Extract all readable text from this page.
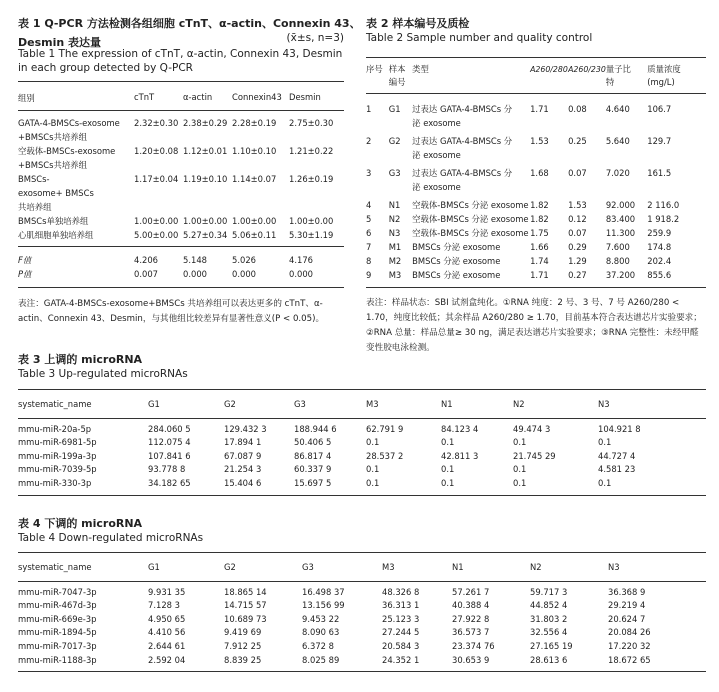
表 1 Q-PCR 方法检测各组细胞 cTnT、α-actin、Connexin 43、
Desmin 表达量	(x̄±s, n=3)
Table 1 The expression of cTnT, α-actin, Connexin 43, Desmin in each group detected by Q-PCR
组别	cTnT	α-actin	Connexin43	Desmin
GATA-4-BMSCs-exosome +BMSCs共培养组	2.32±0.30	2.38±0.29	2.28±0.19	2.75±0.30
空载体-BMSCs-exosome +BMSCs共培养组	1.20±0.08	1.12±0.01	1.10±0.10	1.21±0.22
BMSCs-exosome+ BMSCs共培养组	1.17±0.04	1.19±0.10	1.14±0.07	1.26±0.19
BMSCs单独培养组	1.00±0.00	1.00±0.00	1.00±0.00	1.00±0.00
心肌细胞单独培养组	5.00±0.00	5.27±0.34	5.06±0.11	5.30±1.19
F值	4.206	5.148	5.026	4.176
P值	0.007	0.000	0.000	0.000
表注：GATA-4-BMSCs-exosome+BMSCs 共培养组可以表达更多的 cTnT、α-actin、Connexin 43、Desmin，与其他组比较差异有显著性意义(P < 0.05)。
表 2 样本编号及质检
Table 2 Sample number and quality control
序号	样本编号	类型	A260/280	A260/230	量子比特	质量浓度 (mg/L)
1	G1	过表达 GATA-4-BMSCs 分泌 exosome	1.71	0.08	4.640	106.7
2	G2	过表达 GATA-4-BMSCs 分泌 exosome	1.53	0.25	5.640	129.7
3	G3	过表达 GATA-4-BMSCs 分泌 exosome	1.68	0.07	7.020	161.5
4	N1	空载体-BMSCs 分泌 exosome	1.82	1.53	92.000	2 116.0
5	N2	空载体-BMSCs 分泌 exosome	1.82	0.12	83.400	1 918.2
6	N3	空载体-BMSCs 分泌 exosome	1.75	0.07	11.300	259.9
7	M1	BMSCs 分泌 exosome	1.66	0.29	7.600	174.8
8	M2	BMSCs 分泌 exosome	1.74	1.29	8.800	202.4
9	M3	BMSCs 分泌 exosome	1.71	0.27	37.200	855.6
表注：样品状态：SBI 试剂盒纯化。①RNA 纯度：2 号、3 号、7 号 A260/280 < 1.70，纯度比较低；其余样品 A260/280 ≥ 1.70，目前基本符合表达谱芯片实验要求；②RNA 总量：样品总量≥ 30 ng，满足表达谱芯片实验要求；③RNA 完整性：未经甲醛变性胶电泳检测。
表 3 上调的 microRNA
Table 3 Up-regulated microRNAs
systematic_name	G1	G2	G3	M3	N1	N2	N3
mmu-miR-20a-5p	284.060 5	129.432 3	188.944 6	62.791 9	84.123 4	49.474 3	104.921 8
mmu-miR-6981-5p	112.075 4	17.894 1	50.406 5	0.1	0.1	0.1	0.1
mmu-miR-199a-3p	107.841 6	67.087 9	86.817 4	28.537 2	42.811 3	21.745 29	44.727 4
mmu-miR-7039-5p	93.778 8	21.254 3	60.337 9	0.1	0.1	0.1	4.581 23
mmu-miR-330-3p	34.182 65	15.404 6	15.697 5	0.1	0.1	0.1	0.1
表 4 下调的 microRNA
Table 4 Down-regulated microRNAs
systematic_name	G1	G2	G3	M3	N1	N2	N3
mmu-miR-7047-3p	9.931 35	18.865 14	16.498 37	48.326 8	57.261 7	59.717 3	36.368 9
mmu-miR-467d-3p	7.128 3	14.715 57	13.156 99	36.313 1	40.388 4	44.852 4	29.219 4
mmu-miR-669e-3p	4.950 65	10.689 73	9.453 22	25.123 3	27.922 8	31.803 2	20.624 7
mmu-miR-1894-5p	4.410 56	9.419 69	8.090 63	27.244 5	36.573 7	32.556 4	20.084 26
mmu-miR-7017-3p	2.644 61	7.912 25	6.372 8	20.584 3	23.374 76	27.165 19	17.220 32
mmu-miR-1188-3p	2.592 04	8.839 25	8.025 89	24.352 1	30.653 9	28.613 6	18.672 65
